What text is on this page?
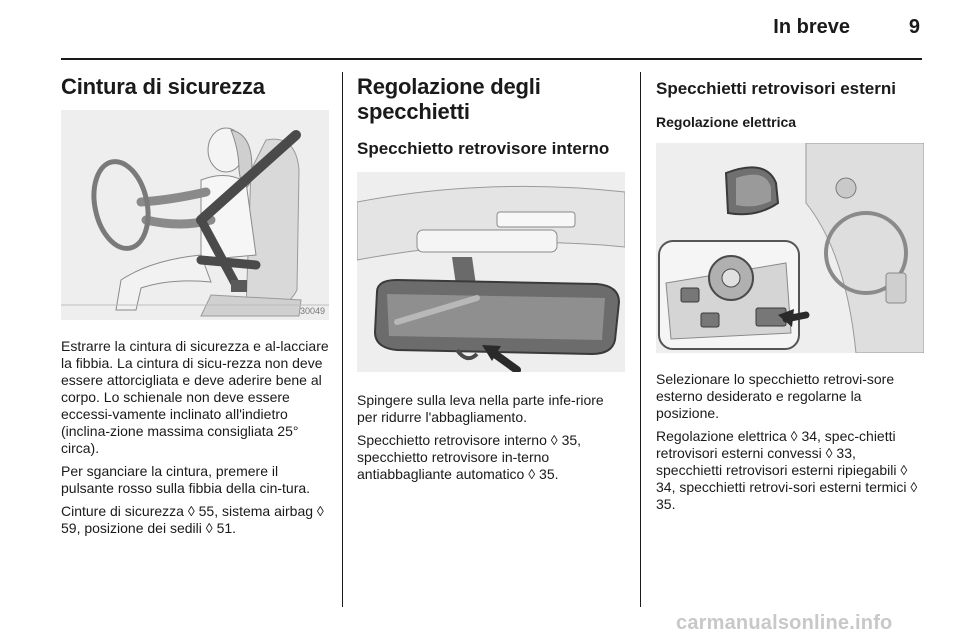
In breve	9
Cintura di sicurezza
30049

Estrarre la cintura di sicurezza e al-lacciare la fibbia. La cintura di sicu-rezza non deve essere attorcigliata e deve aderire bene al corpo. Lo schienale non deve essere eccessi-vamente inclinato all'indietro (inclina-zione massima consigliata 25° circa).

Per sganciare la cintura, premere il pulsante rosso sulla fibbia della cin-tura.

Cinture di sicurezza ◊ 55, sistema airbag ◊ 59, posizione dei sedili ◊ 51.

Regolazione degli specchietti
Specchietto retrovisore interno

Spingere sulla leva nella parte infe-riore per ridurre l'abbagliamento.

Specchietto retrovisore interno ◊ 35, specchietto retrovisore in-terno antiabbagliante automatico ◊ 35.

Specchietti retrovisori esterni
Regolazione elettrica

Selezionare lo specchietto retrovi-sore esterno desiderato e regolarne la posizione.

Regolazione elettrica ◊ 34, spec-chietti retrovisori esterni convessi ◊ 33, specchietti retrovisori esterni ripiegabili ◊ 34, specchietti retrovi-sori esterni termici ◊ 35.

carmanualsonline.info
